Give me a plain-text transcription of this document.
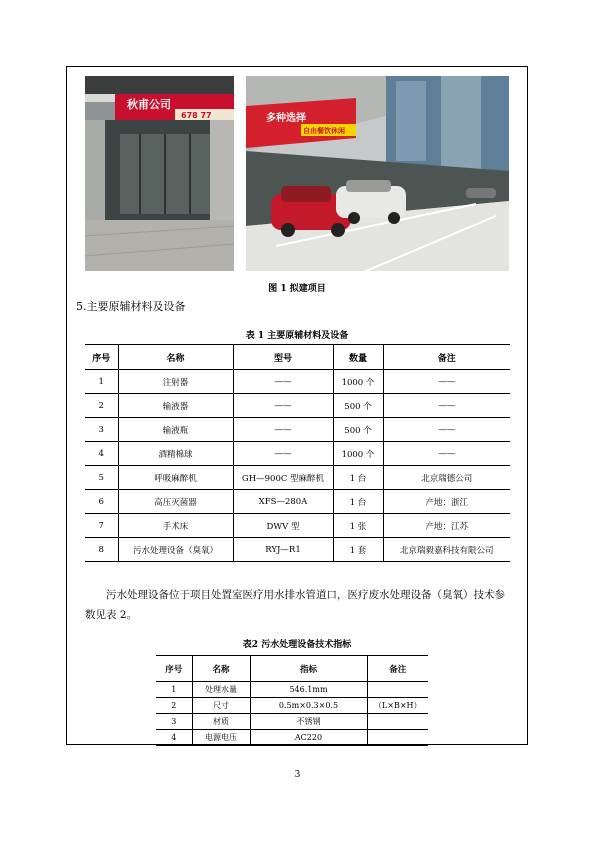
秋甫公司
678 77	多种选择
自由餐饮休闲
图 1 拟建项目
5.主要原辅材料及设备
表 1 主要原辅材料及设备
序号	名称	型号	数量	备注
1	注射器	——	1000 个	——
2	输液器	——	500 个	——
3	输液瓶	——	500 个	——
4	酒精棉球	——	1000 个	——
5	呼吸麻醉机	GH—900C 型麻醉机	1 台	北京瑞德公司
6	高压灭菌器	XFS—280A	1 台	产地：浙江
7	手术床	DWV 型	1 张	产地：江苏
8	污水处理设备（臭氧）	RYJ—R1	1 套	北京瑞毅嘉科技有限公司
污水处理设备位于项目处置室医疗用水排水管道口，医疗废水处理设备（臭氧）技术参数见表 2。
表2 污水处理设备技术指标
序号	名称	指标	备注
1	处理水量	546.1mm	
2	尺寸	0.5m×0.3×0.5	（L×B×H）
3	材质	不锈钢	
4	电源电压	AC220	
3
